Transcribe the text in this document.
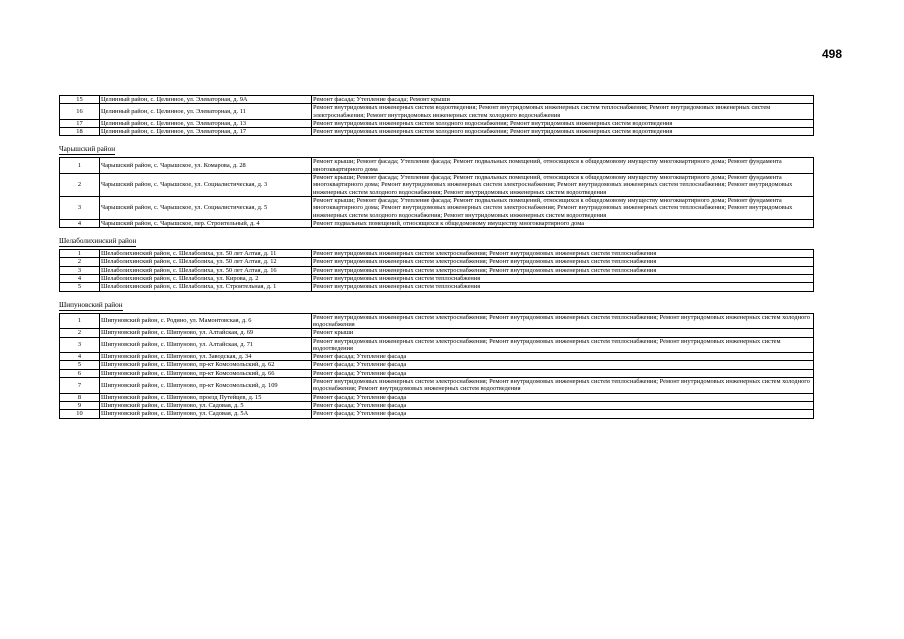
498
15	Целинный район, с. Целинное, ул. Элеваторная, д. 9А	Ремонт фасада; Утепление фасада; Ремонт крыши
16	Целинный район, с. Целинное, ул. Элеваторная, д. 11	Ремонт внутридомовых инженерных систем водоотведения; Ремонт внутридомовых инженерных систем теплоснабжения; Ремонт внутридомовых инженерных систем электроснабжения; Ремонт внутридомовых инженерных систем холодного водоснабжения
17	Целинный район, с. Целинное, ул. Элеваторная, д. 13	Ремонт внутридомовых инженерных систем холодного водоснабжения; Ремонт внутридомовых инженерных систем водоотведения
18	Целинный район, с. Целинное, ул. Элеваторная, д. 17	Ремонт внутридомовых инженерных систем холодного водоснабжения; Ремонт внутридомовых инженерных систем водоотведения
Чарышский район
1	Чарышский район, с. Чарышское, ул. Комарова, д. 28	Ремонт крыши; Ремонт фасада; Утепление фасада; Ремонт подвальных помещений, относящихся к общедомовому имуществу многоквартирного дома; Ремонт фундамента многоквартирного дома
2	Чарышский район, с. Чарышское, ул. Социалистическая, д. 3	Ремонт крыши; Ремонт фасада; Утепление фасада; Ремонт подвальных помещений, относящихся к общедомовому имуществу многоквартирного дома; Ремонт фундамента многоквартирного дома; Ремонт внутридомовых инженерных систем электроснабжения; Ремонт внутридомовых инженерных систем теплоснабжения; Ремонт внутридомовых инженерных систем холодного водоснабжения; Ремонт внутридомовых инженерных систем водоотведения
3	Чарышский район, с. Чарышское, ул. Социалистическая, д. 5	Ремонт крыши; Ремонт фасада; Утепление фасада; Ремонт подвальных помещений, относящихся к общедомовому имуществу многоквартирного дома; Ремонт фундамента многоквартирного дома; Ремонт внутридомовых инженерных систем электроснабжения; Ремонт внутридомовых инженерных систем теплоснабжения; Ремонт внутридомовых инженерных систем холодного водоснабжения; Ремонт внутридомовых инженерных систем водоотведения
4	Чарышский район, с. Чарышское, пер. Строительный, д. 4	Ремонт подвальных помещений, относящихся к общедомовому имуществу многоквартирного дома
Шелаболихинский район
1	Шелаболихинский район, с. Шелаболиха, ул. 50 лет Алтая, д. 11	Ремонт внутридомовых инженерных систем электроснабжения; Ремонт внутридомовых инженерных систем теплоснабжения
2	Шелаболихинский район, с. Шелаболиха, ул. 50 лет Алтая, д. 12	Ремонт внутридомовых инженерных систем электроснабжения; Ремонт внутридомовых инженерных систем теплоснабжения
3	Шелаболихинский район, с. Шелаболиха, ул. 50 лет Алтая, д. 16	Ремонт внутридомовых инженерных систем электроснабжения; Ремонт внутридомовых инженерных систем теплоснабжения
4	Шелаболихинский район, с. Шелаболиха, ул. Кирова, д. 2	Ремонт внутридомовых инженерных систем теплоснабжения
5	Шелаболихинский район, с. Шелаболиха, ул. Строительная, д. 1	Ремонт внутридомовых инженерных систем теплоснабжения
Шипуновский район
1	Шипуновский район, с. Родино, ул. Мамонтовская, д. 6	Ремонт внутридомовых инженерных систем электроснабжения; Ремонт внутридомовых инженерных систем теплоснабжения; Ремонт внутридомовых инженерных систем холодного водоснабжения
2	Шипуновский район, с. Шипуново, ул. Алтайская, д. 69	Ремонт крыши
3	Шипуновский район, с. Шипуново, ул. Алтайская, д. 71	Ремонт внутридомовых инженерных систем электроснабжения; Ремонт внутридомовых инженерных систем теплоснабжения; Ремонт внутридомовых инженерных систем водоотведения
4	Шипуновский район, с. Шипуново, ул. Заводская, д. 34	Ремонт фасада; Утепление фасада
5	Шипуновский район, с. Шипуново, пр-кт Комсомольский, д. 62	Ремонт фасада; Утепление фасада
6	Шипуновский район, с. Шипуново, пр-кт Комсомольский, д. 66	Ремонт фасада; Утепление фасада
7	Шипуновский район, с. Шипуново, пр-кт Комсомольский, д. 109	Ремонт внутридомовых инженерных систем электроснабжения; Ремонт внутридомовых инженерных систем теплоснабжения; Ремонт внутридомовых инженерных систем холодного водоснабжения; Ремонт внутридомовых инженерных систем водоотведения
8	Шипуновский район, с. Шипуново, проезд Путейцев, д. 15	Ремонт фасада; Утепление фасада
9	Шипуновский район, с. Шипуново, ул. Садовая, д. 5	Ремонт фасада; Утепление фасада
10	Шипуновский район, с. Шипуново, ул. Садовая, д. 5А	Ремонт фасада; Утепление фасада
